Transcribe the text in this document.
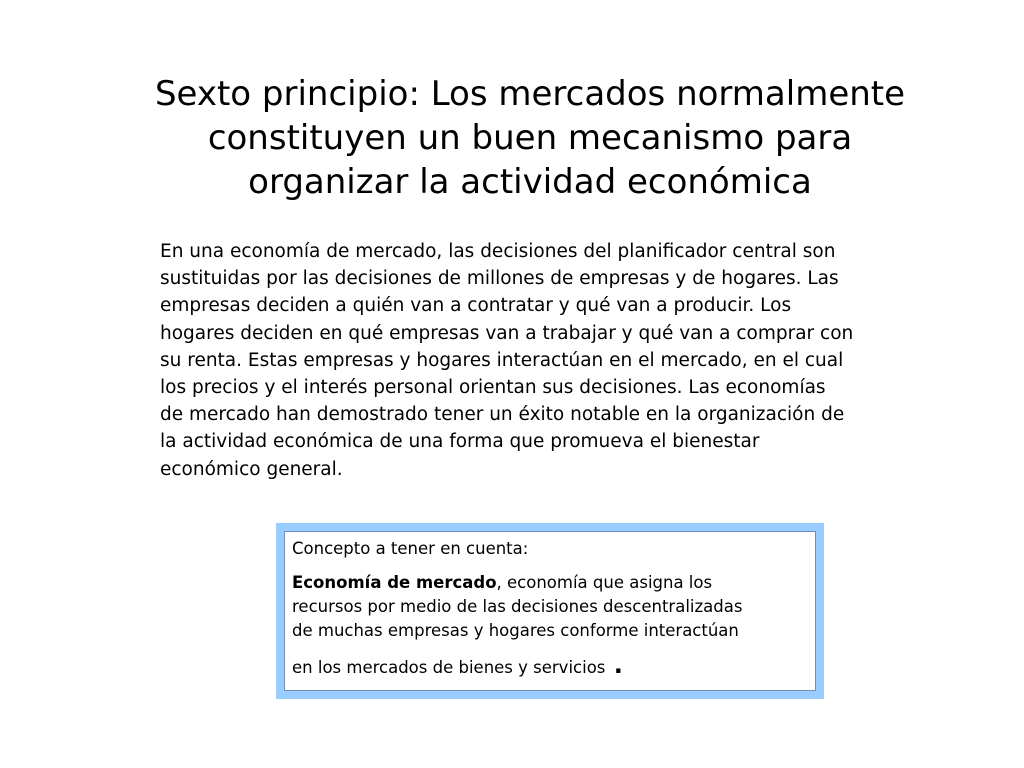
Sexto principio: Los mercados normalmente
constituyen un buen mecanismo para
organizar la actividad económica

En una economía de mercado, las decisiones del planificador central son
sustituidas por las decisiones de millones de empresas y de hogares. Las
empresas deciden a quién van a contratar y qué van a producir. Los
hogares deciden en qué empresas van a trabajar y qué van a comprar con
su renta. Estas empresas y hogares interactúan en el mercado, en el cual
los precios y el interés personal orientan sus decisiones. Las economías
de mercado han demostrado tener un éxito notable en la organización de
la actividad económica de una forma que promueva el bienestar
económico general.

Concepto a tener en cuenta:
Economía de mercado, economía que asigna los
recursos por medio de las decisiones descentralizadas
de muchas empresas y hogares conforme interactúan
en los mercados de bienes y servicios .
